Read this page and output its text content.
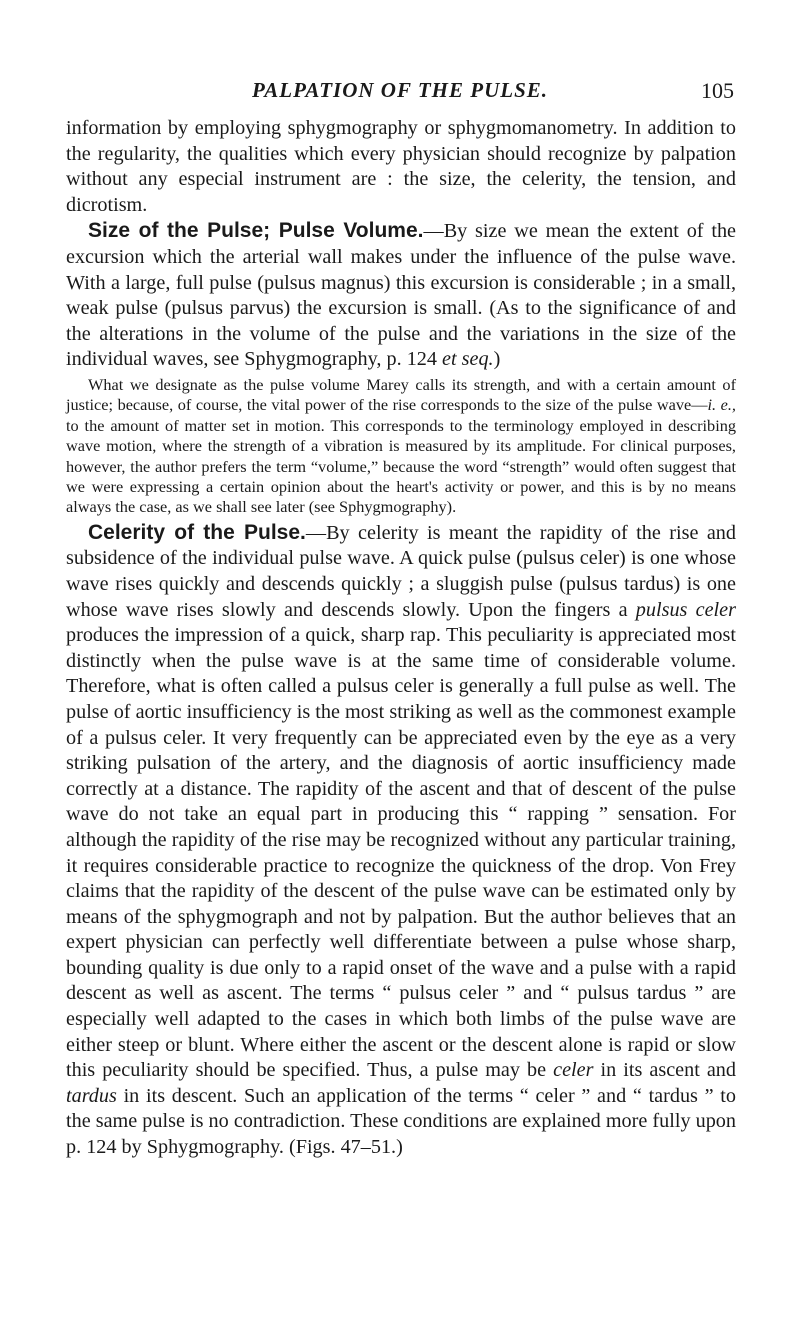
PALPATION OF THE PULSE.	105

information by employing sphygmography or sphygmomanometry. In addition to the regularity, the qualities which every physician should recognize by palpation without any especial instrument are : the size, the celerity, the tension, and dicrotism.

Size of the Pulse; Pulse Volume.—By size we mean the extent of the excursion which the arterial wall makes under the influence of the pulse wave. With a large, full pulse (pulsus magnus) this excursion is considerable ; in a small, weak pulse (pulsus parvus) the excursion is small. (As to the significance of and the alterations in the volume of the pulse and the variations in the size of the individual waves, see Sphygmography, p. 124 et seq.)

What we designate as the pulse volume Marey calls its strength, and with a certain amount of justice; because, of course, the vital power of the rise corresponds to the size of the pulse wave—i. e., to the amount of matter set in motion. This corresponds to the terminology employed in describing wave motion, where the strength of a vibration is measured by its amplitude. For clinical purposes, however, the author prefers the term “volume,” because the word “strength” would often suggest that we were expressing a certain opinion about the heart's activity or power, and this is by no means always the case, as we shall see later (see Sphygmography).

Celerity of the Pulse.—By celerity is meant the rapidity of the rise and subsidence of the individual pulse wave. A quick pulse (pulsus celer) is one whose wave rises quickly and descends quickly ; a sluggish pulse (pulsus tardus) is one whose wave rises slowly and descends slowly. Upon the fingers a pulsus celer produces the impression of a quick, sharp rap. This peculiarity is appreciated most distinctly when the pulse wave is at the same time of considerable volume. Therefore, what is often called a pulsus celer is generally a full pulse as well. The pulse of aortic insufficiency is the most striking as well as the commonest example of a pulsus celer. It very frequently can be appreciated even by the eye as a very striking pulsation of the artery, and the diagnosis of aortic insufficiency made correctly at a distance. The rapidity of the ascent and that of descent of the pulse wave do not take an equal part in producing this “ rapping ” sensation. For although the rapidity of the rise may be recognized without any particular training, it requires considerable practice to recognize the quickness of the drop. Von Frey claims that the rapidity of the descent of the pulse wave can be estimated only by means of the sphygmograph and not by palpation. But the author believes that an expert physician can perfectly well differentiate between a pulse whose sharp, bounding quality is due only to a rapid onset of the wave and a pulse with a rapid descent as well as ascent. The terms “ pulsus celer ” and “ pulsus tardus ” are especially well adapted to the cases in which both limbs of the pulse wave are either steep or blunt. Where either the ascent or the descent alone is rapid or slow this peculiarity should be specified. Thus, a pulse may be celer in its ascent and tardus in its descent. Such an application of the terms “ celer ” and “ tardus ” to the same pulse is no contradiction. These conditions are explained more fully upon p. 124 by Sphygmography. (Figs. 47–51.)
